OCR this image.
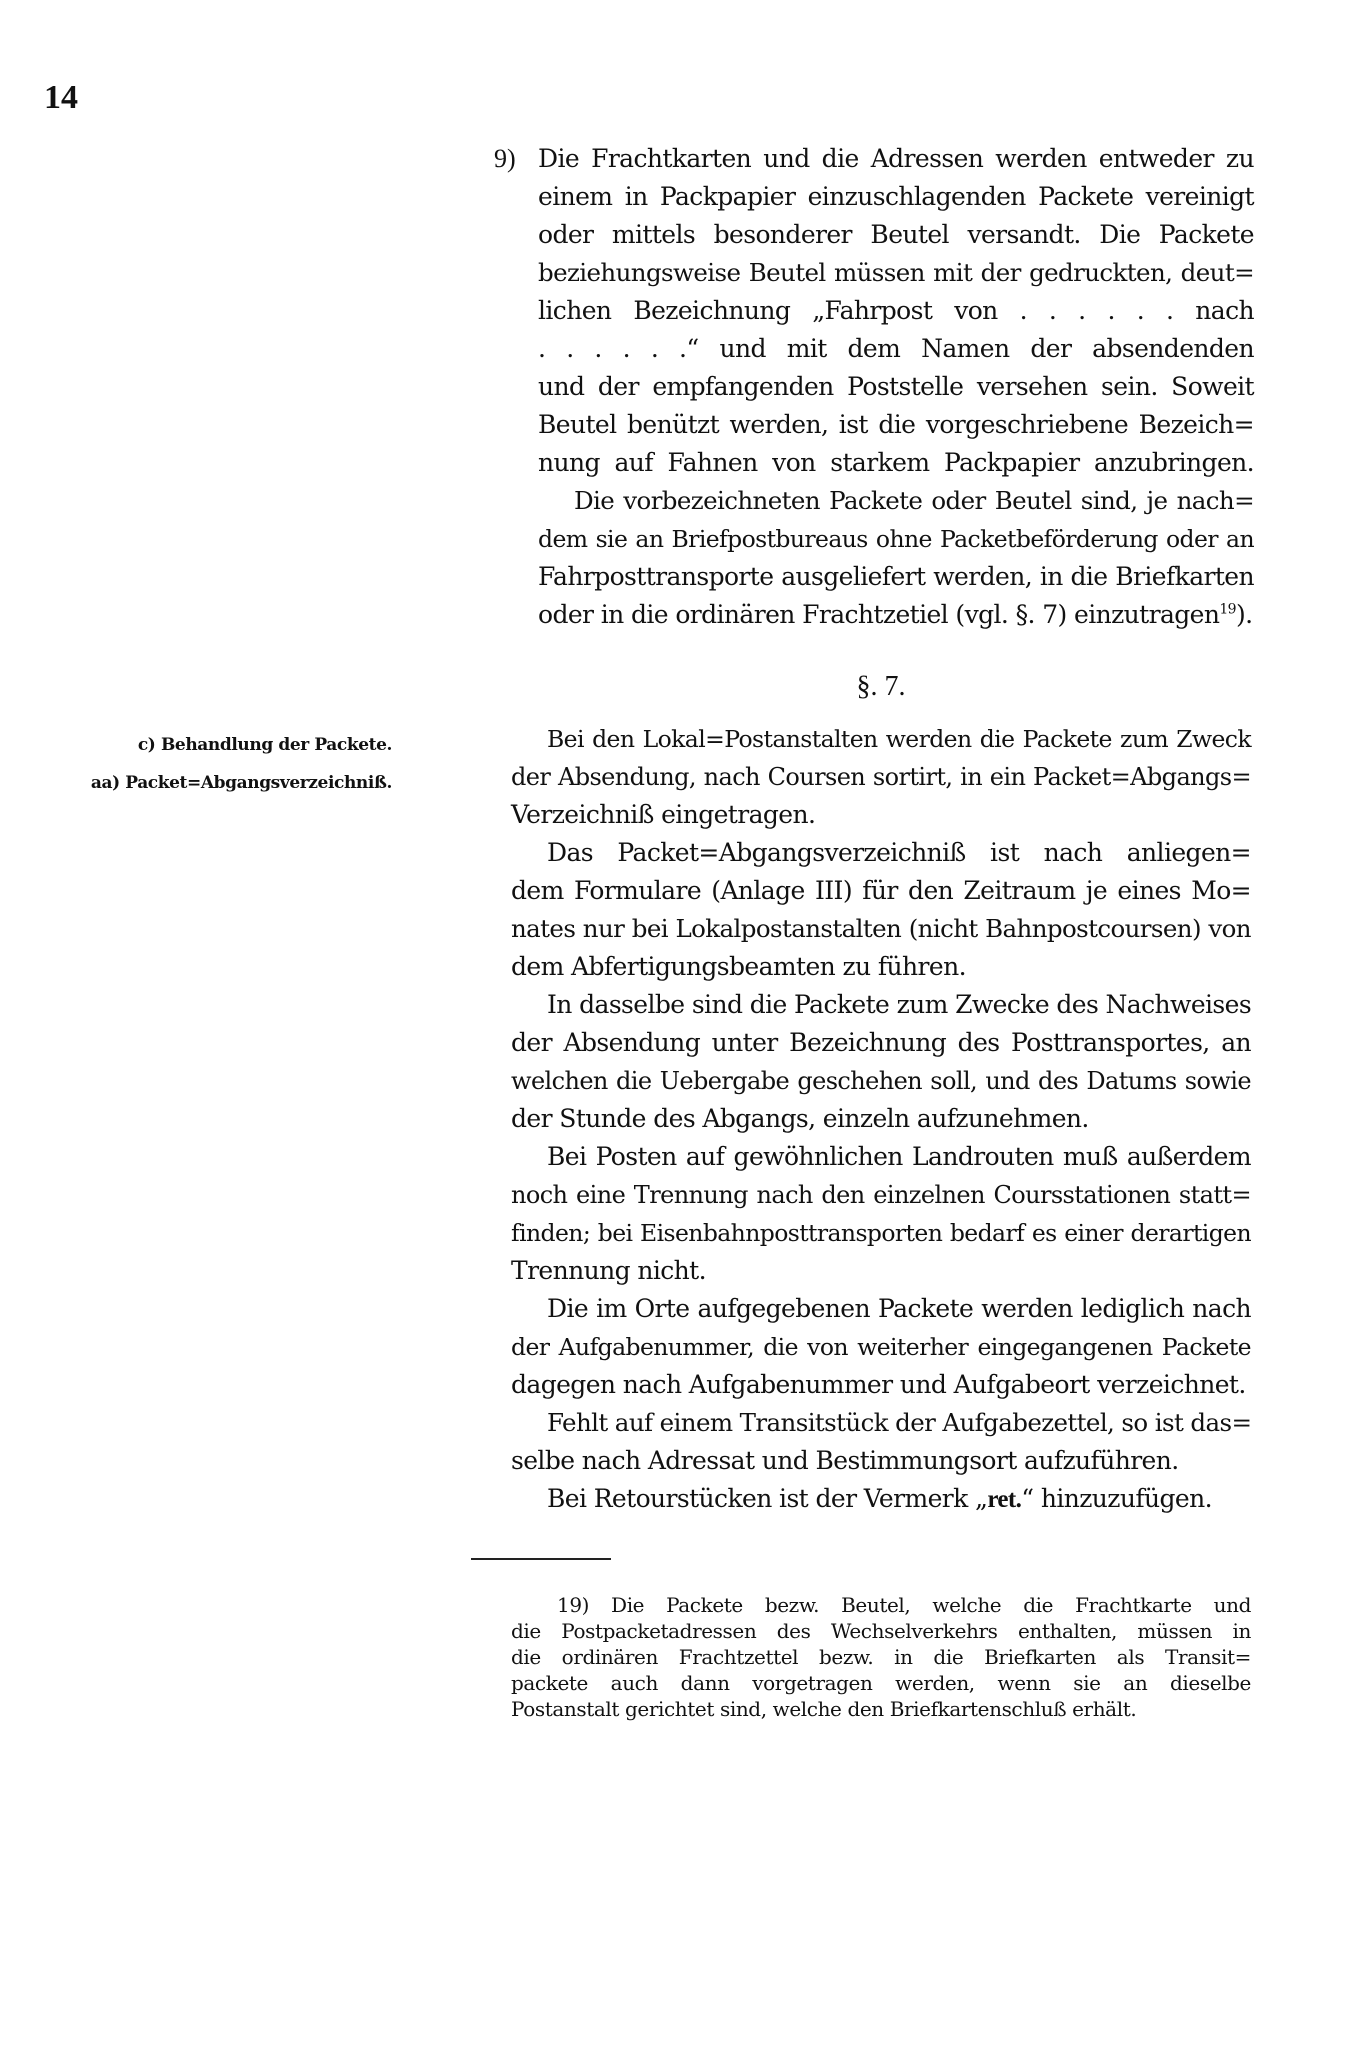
14
9) Die Frachtkarten und die Adressen werden entweder zu
einem in Packpapier einzuschlagenden Packete vereinigt
oder mittels besonderer Beutel versandt. Die Packete
beziehungsweise Beutel müssen mit der gedruckten, deut=
lichen Bezeichnung „Fahrpost von . . . . . . nach
. . . . . .“ und mit dem Namen der absendenden
und der empfangenden Poststelle versehen sein. Soweit
Beutel benützt werden, ist die vorgeschriebene Bezeich=
nung auf Fahnen von starkem Packpapier anzubringen.
Die vorbezeichneten Packete oder Beutel sind, je nach=
dem sie an Briefpostbureaus ohne Packetbeförderung oder an
Fahrposttransporte ausgeliefert werden, in die Briefkarten
oder in die ordinären Frachtzetiel (vgl. §. 7) einzutragen$^{19}$).
§. 7.
c) Behandlung der Packete.
aa) Packet=Abgangsverzeichniß.
Bei den Lokal=Postanstalten werden die Packete zum Zweck
der Absendung, nach Coursen sortirt, in ein Packet=Abgangs=
Verzeichniß eingetragen.
Das Packet=Abgangsverzeichniß ist nach anliegen=
dem Formulare (Anlage III) für den Zeitraum je eines Mo=
nates nur bei Lokalpostanstalten (nicht Bahnpostcoursen) von
dem Abfertigungsbeamten zu führen.
In dasselbe sind die Packete zum Zwecke des Nachweises
der Absendung unter Bezeichnung des Posttransportes, an
welchen die Uebergabe geschehen soll, und des Datums sowie
der Stunde des Abgangs, einzeln aufzunehmen.
Bei Posten auf gewöhnlichen Landrouten muß außerdem
noch eine Trennung nach den einzelnen Coursstationen statt=
finden; bei Eisenbahnposttransporten bedarf es einer derartigen
Trennung nicht.
Die im Orte aufgegebenen Packete werden lediglich nach
der Aufgabenummer, die von weiterher eingegangenen Packete
dagegen nach Aufgabenummer und Aufgabeort verzeichnet.
Fehlt auf einem Transitstück der Aufgabezettel, so ist das=
selbe nach Adressat und Bestimmungsort aufzuführen.
Bei Retourstücken ist der Vermerk „ret.“ hinzuzufügen.
19) Die Packete bezw. Beutel, welche die Frachtkarte und
die Postpacketadressen des Wechselverkehrs enthalten, müssen in
die ordinären Frachtzettel bezw. in die Briefkarten als Transit=
packete auch dann vorgetragen werden, wenn sie an dieselbe
Postanstalt gerichtet sind, welche den Briefkartenschluß erhält.
